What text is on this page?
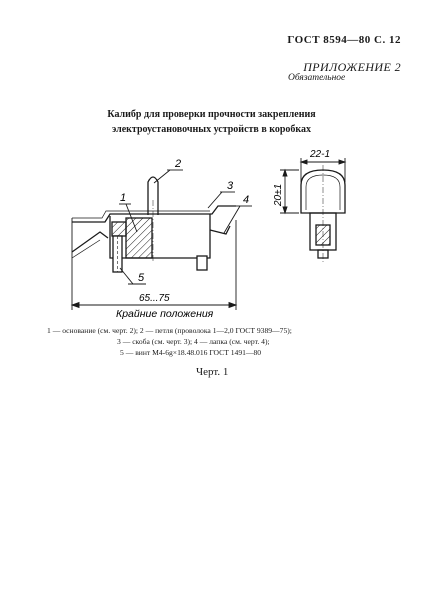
ГОСТ 8594—80 С. 12
ПРИЛОЖЕНИЕ 2
Обязательное
Калибр для проверки прочности закрепления
электроустановочных устройств в коробках
1
2
3
4
5
65...75
Крайние положения
22-1
20±1
1 — основание (см. черт. 2); 2 — петля (проволока 1—2,0 ГОСТ 9389—75);
3 — скоба (см. черт. 3); 4 — лапка (см. черт. 4);
5 — винт М4-6g×18.48.016 ГОСТ 1491—80
Черт. 1
